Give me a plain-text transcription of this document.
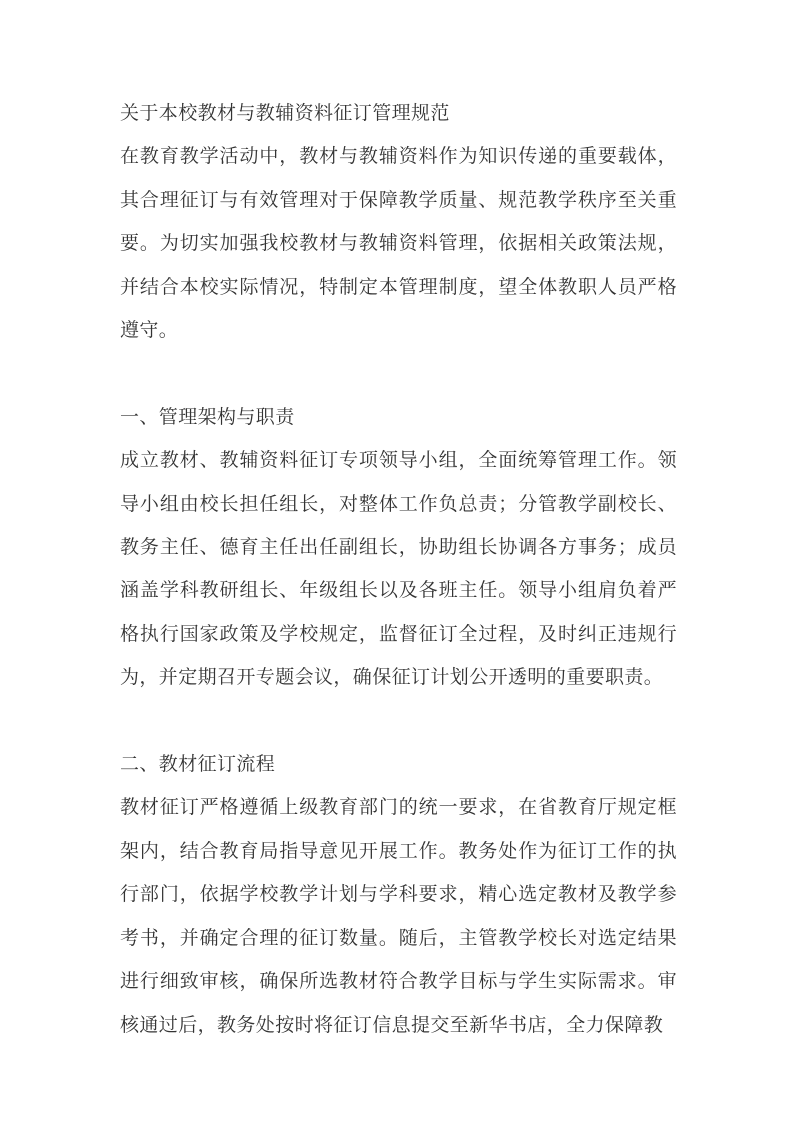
关于本校教材与教辅资料征订管理规范

在教育教学活动中，教材与教辅资料作为知识传递的重要载体，其合理征订与有效管理对于保障教学质量、规范教学秩序至关重要。为切实加强我校教材与教辅资料管理，依据相关政策法规，并结合本校实际情况，特制定本管理制度，望全体教职人员严格遵守。

一、管理架构与职责

成立教材、教辅资料征订专项领导小组，全面统筹管理工作。领导小组由校长担任组长，对整体工作负总责；分管教学副校长、教务主任、德育主任出任副组长，协助组长协调各方事务；成员涵盖学科教研组长、年级组长以及各班主任。领导小组肩负着严格执行国家政策及学校规定，监督征订全过程，及时纠正违规行为，并定期召开专题会议，确保征订计划公开透明的重要职责。

二、教材征订流程

教材征订严格遵循上级教育部门的统一要求，在省教育厅规定框架内，结合教育局指导意见开展工作。教务处作为征订工作的执行部门，依据学校教学计划与学科要求，精心选定教材及教学参考书，并确定合理的征订数量。随后，主管教学校长对选定结果进行细致审核，确保所选教材符合教学目标与学生实际需求。审核通过后，教务处按时将征订信息提交至新华书店，全力保障教
